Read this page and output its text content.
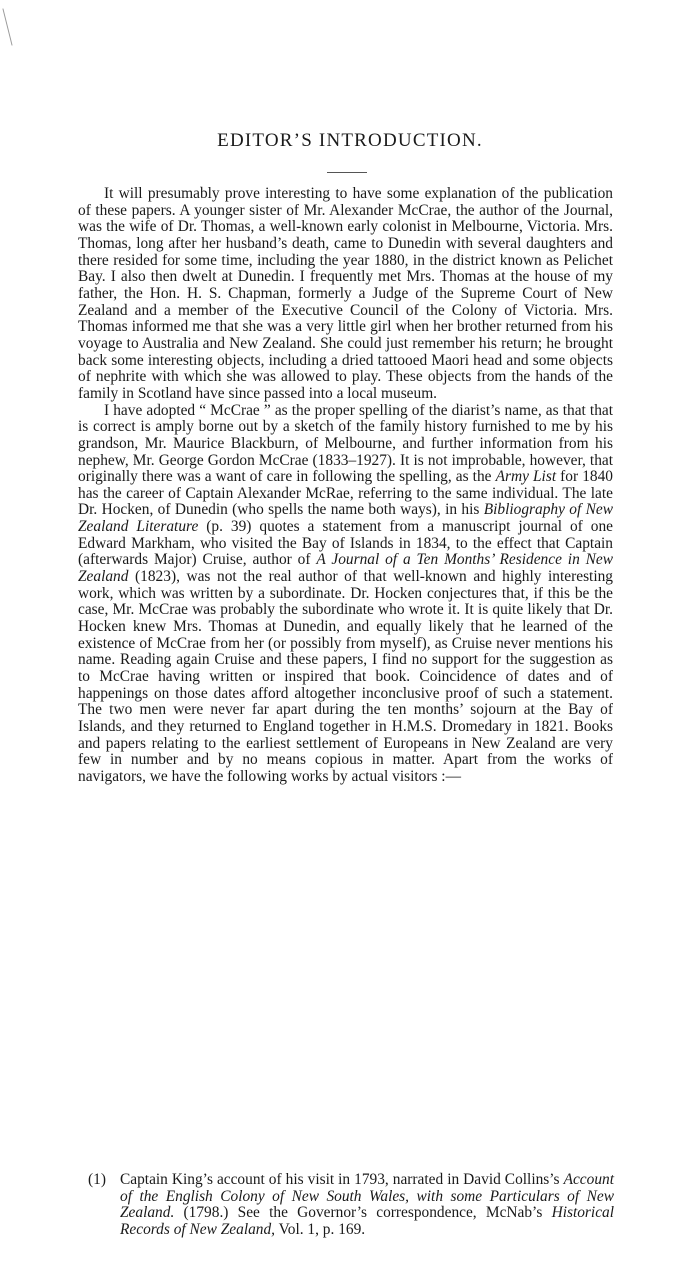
EDITOR’S INTRODUCTION.

It will presumably prove interesting to have some explanation of the publication of these papers. A younger sister of Mr. Alexander McCrae, the author of the Journal, was the wife of Dr. Thomas, a well-known early colonist in Melbourne, Victoria. Mrs. Thomas, long after her husband’s death, came to Dunedin with several daughters and there resided for some time, including the year 1880, in the district known as Pelichet Bay. I also then dwelt at Dunedin. I frequently met Mrs. Thomas at the house of my father, the Hon. H. S. Chapman, formerly a Judge of the Supreme Court of New Zealand and a member of the Executive Council of the Colony of Victoria. Mrs. Thomas informed me that she was a very little girl when her brother returned from his voyage to Australia and New Zealand. She could just remember his return; he brought back some interesting objects, including a dried tattooed Maori head and some objects of nephrite with which she was allowed to play. These objects from the hands of the family in Scotland have since passed into a local museum.

I have adopted “ McCrae ” as the proper spelling of the diarist’s name, as that that is correct is amply borne out by a sketch of the family history furnished to me by his grandson, Mr. Maurice Blackburn, of Melbourne, and further information from his nephew, Mr. George Gordon McCrae (1833–1927). It is not improbable, however, that originally there was a want of care in following the spelling, as the Army List for 1840 has the career of Captain Alexander McRae, referring to the same individual. The late Dr. Hocken, of Dunedin (who spells the name both ways), in his Bibliography of New Zealand Literature (p. 39) quotes a statement from a manuscript journal of one Edward Markham, who visited the Bay of Islands in 1834, to the effect that Captain (afterwards Major) Cruise, author of A Journal of a Ten Months’ Residence in New Zealand (1823), was not the real author of that well-known and highly interesting work, which was written by a subordinate. Dr. Hocken conjectures that, if this be the case, Mr. McCrae was probably the subordinate who wrote it. It is quite likely that Dr. Hocken knew Mrs. Thomas at Dunedin, and equally likely that he learned of the existence of McCrae from her (or possibly from myself), as Cruise never mentions his name. Reading again Cruise and these papers, I find no support for the suggestion as to McCrae having written or inspired that book. Coincidence of dates and of happenings on those dates afford altogether inconclusive proof of such a statement. The two men were never far apart during the ten months’ sojourn at the Bay of Islands, and they returned to England together in H.M.S. Dromedary in 1821. Books and papers relating to the earliest settlement of Europeans in New Zealand are very few in number and by no means copious in matter. Apart from the works of navigators, we have the following works by actual visitors :—

(1) Captain King’s account of his visit in 1793, narrated in David Collins’s Account of the English Colony of New South Wales, with some Particulars of New Zealand. (1798.) See the Governor’s correspondence, McNab’s Historical Records of New Zealand, Vol. 1, p. 169.
